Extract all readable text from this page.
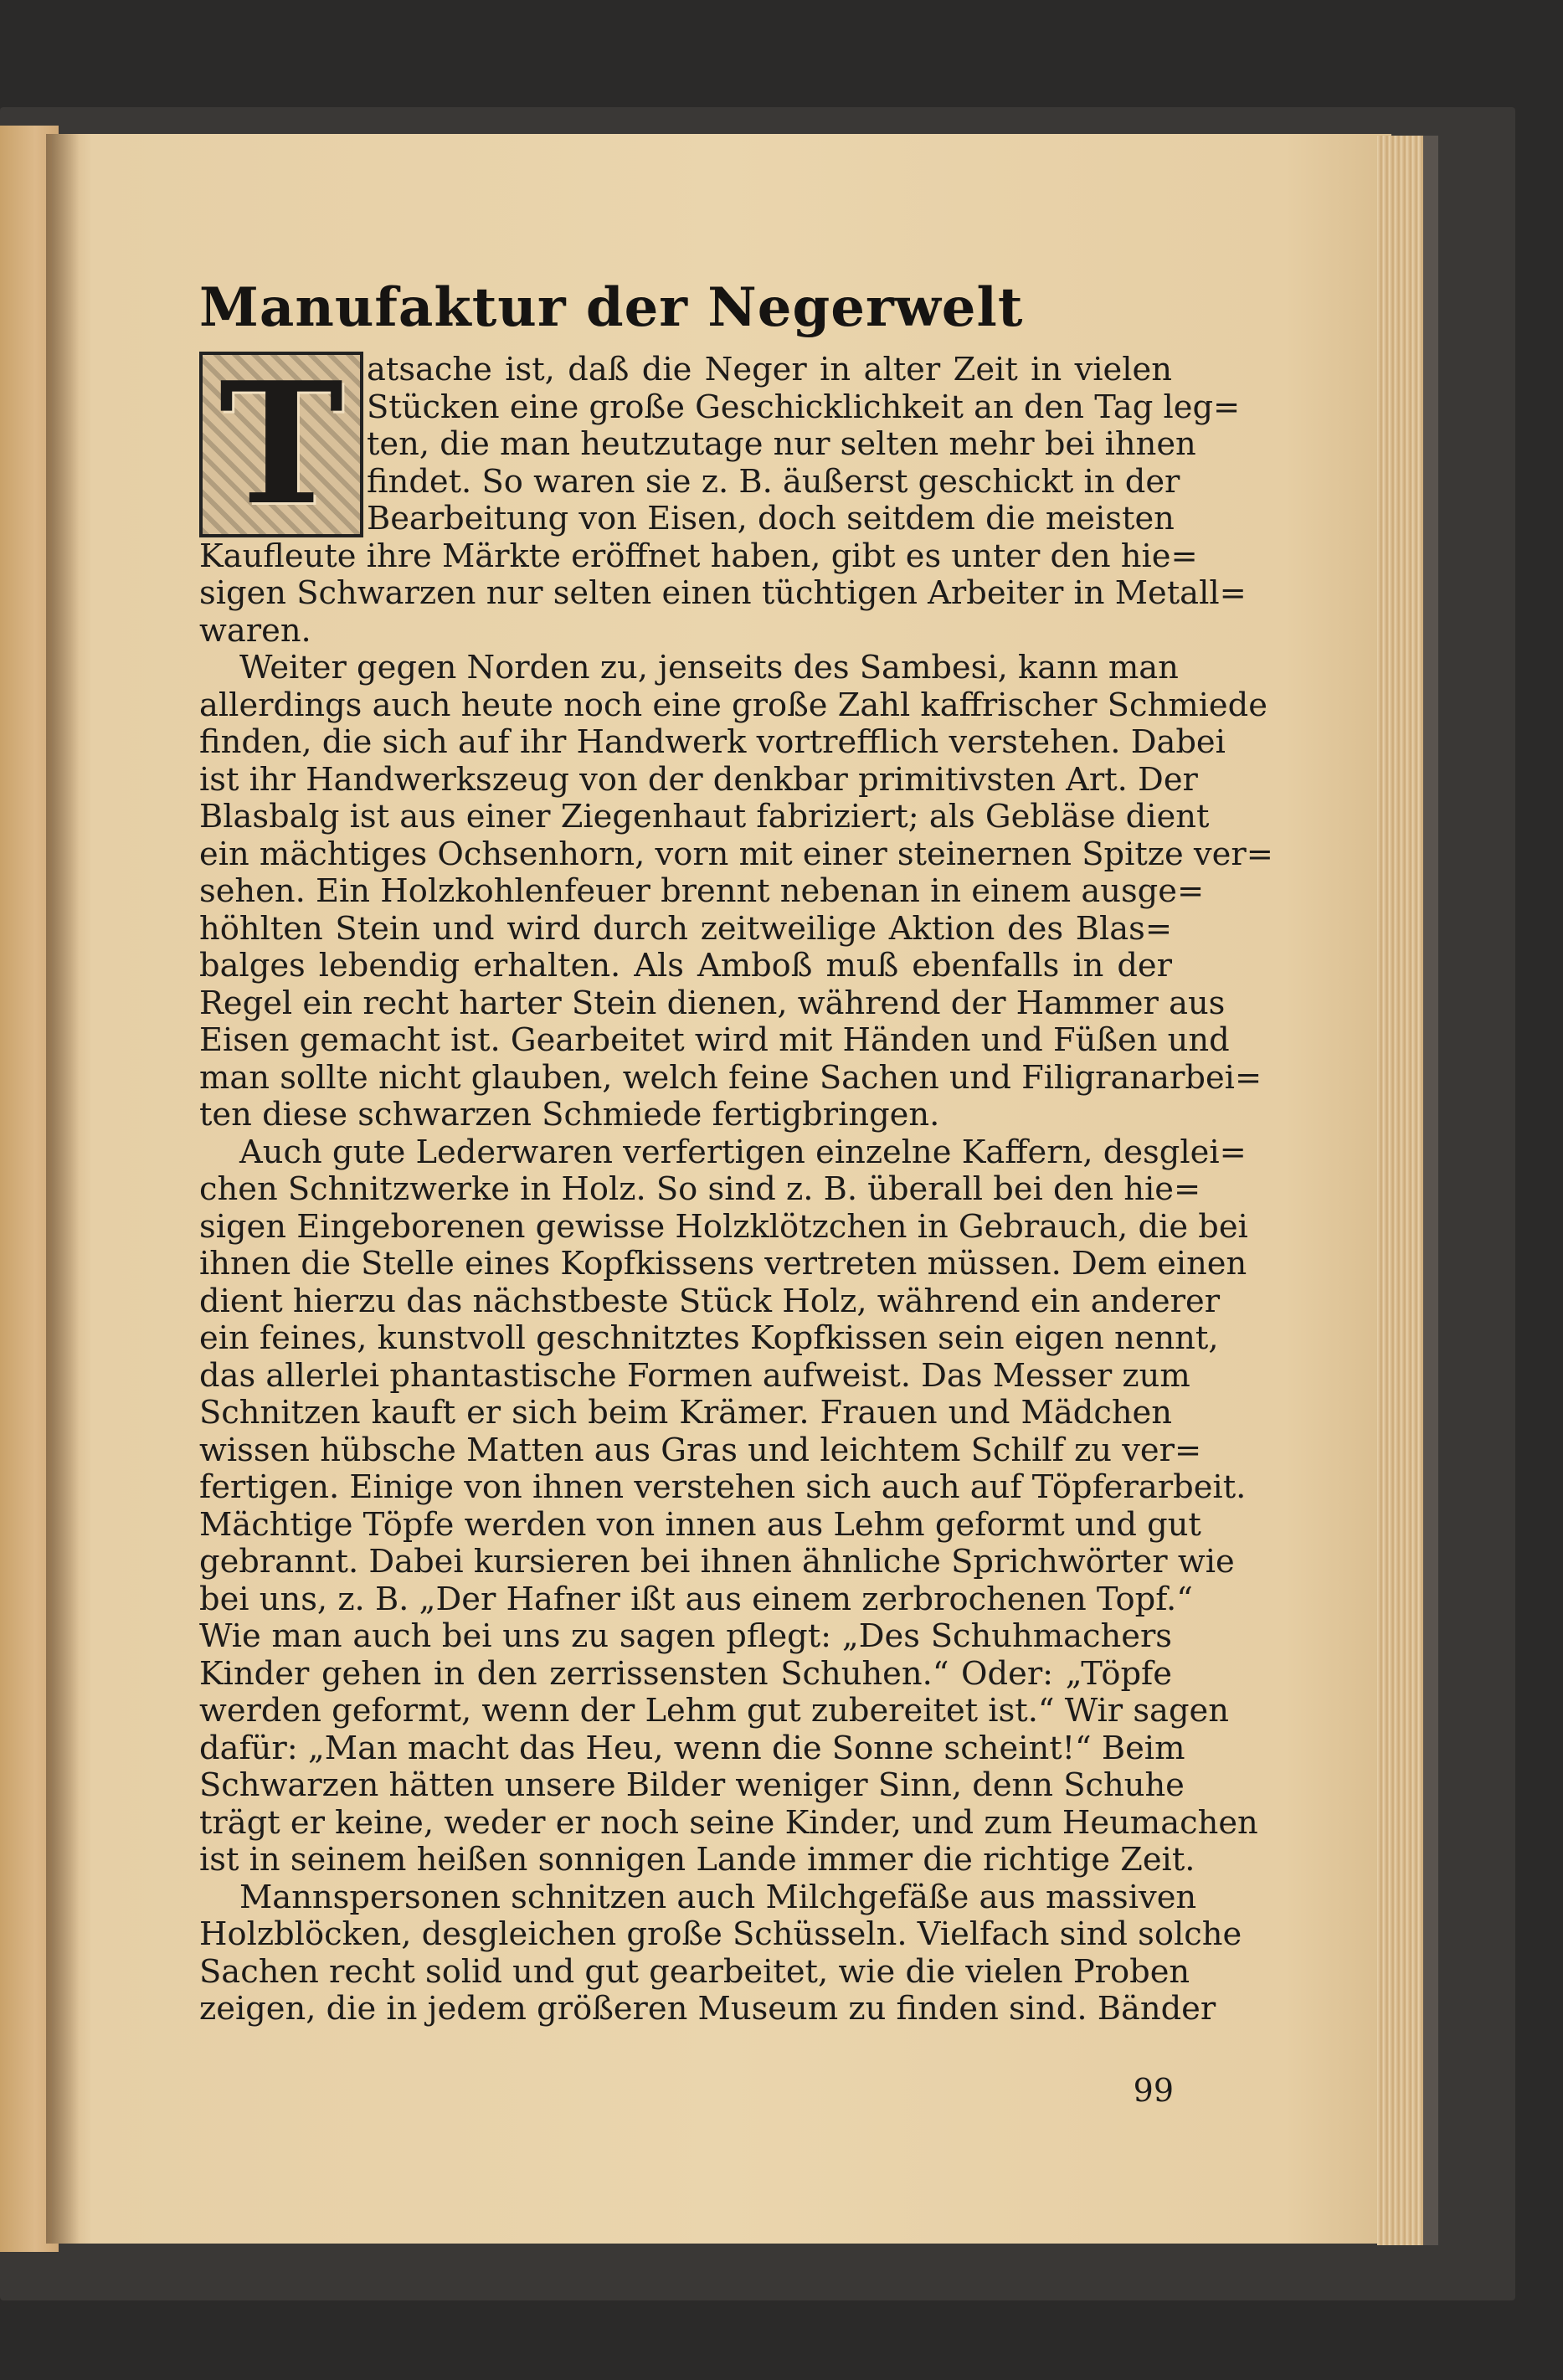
Manufaktur der Negerwelt
T atsache ist, daß die Neger in alter Zeit in vielen
Stücken eine große Geschicklichkeit an den Tag leg=
ten, die man heutzutage nur selten mehr bei ihnen
findet. So waren sie z. B. äußerst geschickt in der
Bearbeitung von Eisen, doch seitdem die meisten
Kaufleute ihre Märkte eröffnet haben, gibt es unter den hie=
sigen Schwarzen nur selten einen tüchtigen Arbeiter in Metall=
waren.
Weiter gegen Norden zu, jenseits des Sambesi, kann man
allerdings auch heute noch eine große Zahl kaffrischer Schmiede
finden, die sich auf ihr Handwerk vortrefflich verstehen. Dabei
ist ihr Handwerkszeug von der denkbar primitivsten Art. Der
Blasbalg ist aus einer Ziegenhaut fabriziert; als Gebläse dient
ein mächtiges Ochsenhorn, vorn mit einer steinernen Spitze ver=
sehen. Ein Holzkohlenfeuer brennt nebenan in einem ausge=
höhlten Stein und wird durch zeitweilige Aktion des Blas=
balges lebendig erhalten. Als Amboß muß ebenfalls in der
Regel ein recht harter Stein dienen, während der Hammer aus
Eisen gemacht ist. Gearbeitet wird mit Händen und Füßen und
man sollte nicht glauben, welch feine Sachen und Filigranarbei=
ten diese schwarzen Schmiede fertigbringen.
Auch gute Lederwaren verfertigen einzelne Kaffern, desglei=
chen Schnitzwerke in Holz. So sind z. B. überall bei den hie=
sigen Eingeborenen gewisse Holzklötzchen in Gebrauch, die bei
ihnen die Stelle eines Kopfkissens vertreten müssen. Dem einen
dient hierzu das nächstbeste Stück Holz, während ein anderer
ein feines, kunstvoll geschnitztes Kopfkissen sein eigen nennt,
das allerlei phantastische Formen aufweist. Das Messer zum
Schnitzen kauft er sich beim Krämer. Frauen und Mädchen
wissen hübsche Matten aus Gras und leichtem Schilf zu ver=
fertigen. Einige von ihnen verstehen sich auch auf Töpferarbeit.
Mächtige Töpfe werden von innen aus Lehm geformt und gut
gebrannt. Dabei kursieren bei ihnen ähnliche Sprichwörter wie
bei uns, z. B. „Der Hafner ißt aus einem zerbrochenen Topf.“
Wie man auch bei uns zu sagen pflegt: „Des Schuhmachers
Kinder gehen in den zerrissensten Schuhen.“ Oder: „Töpfe
werden geformt, wenn der Lehm gut zubereitet ist.“ Wir sagen
dafür: „Man macht das Heu, wenn die Sonne scheint!“ Beim
Schwarzen hätten unsere Bilder weniger Sinn, denn Schuhe
trägt er keine, weder er noch seine Kinder, und zum Heumachen
ist in seinem heißen sonnigen Lande immer die richtige Zeit.
Mannspersonen schnitzen auch Milchgefäße aus massiven
Holzblöcken, desgleichen große Schüsseln. Vielfach sind solche
Sachen recht solid und gut gearbeitet, wie die vielen Proben
zeigen, die in jedem größeren Museum zu finden sind. Bänder
99
